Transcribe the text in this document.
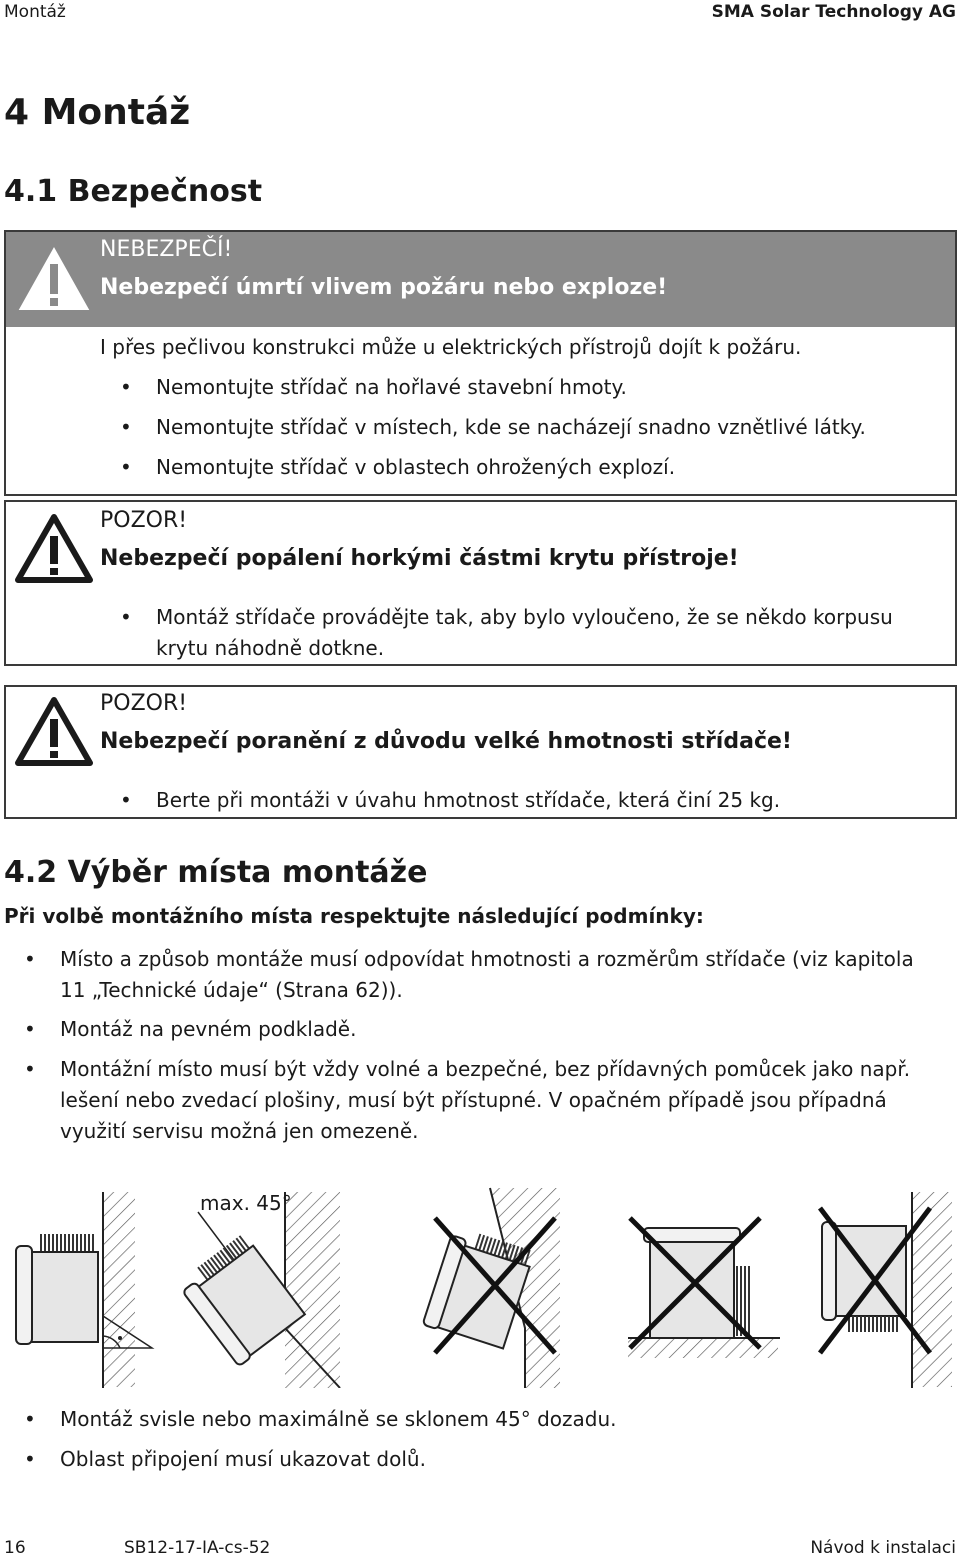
Montáž	SMA Solar Technology AG
4 Montáž
4.1 Bezpečnost
NEBEZPEČÍ!
Nebezpečí úmrtí vlivem požáru nebo exploze!
I přes pečlivou konstrukci může u elektrických přístrojů dojít k požáru.
• Nemontujte střídač na hořlavé stavební hmoty.
• Nemontujte střídač v místech, kde se nacházejí snadno vznětlivé látky.
• Nemontujte střídač v oblastech ohrožených explozí.
POZOR!
Nebezpečí popálení horkými částmi krytu přístroje!
• Montáž střídače provádějte tak, aby bylo vyloučeno, že se někdo korpusu krytu náhodně dotkne.
POZOR!
Nebezpečí poranění z důvodu velké hmotnosti střídače!
• Berte při montáži v úvahu hmotnost střídače, která činí 25 kg.
4.2 Výběr místa montáže
Při volbě montážního místa respektujte následující podmínky:
• Místo a způsob montáže musí odpovídat hmotnosti a rozměrům střídače (viz kapitola 11 „Technické údaje“ (Strana 62)).
• Montáž na pevném podkladě.
• Montážní místo musí být vždy volné a bezpečné, bez přídavných pomůcek jako např. lešení nebo zvedací plošiny, musí být přístupné. V opačném případě jsou případná využití servisu možná jen omezeně.
max. 45°
• Montáž svisle nebo maximálně se sklonem 45° dozadu.
• Oblast připojení musí ukazovat dolů.
16	SB12-17-IA-cs-52	Návod k instalaci
